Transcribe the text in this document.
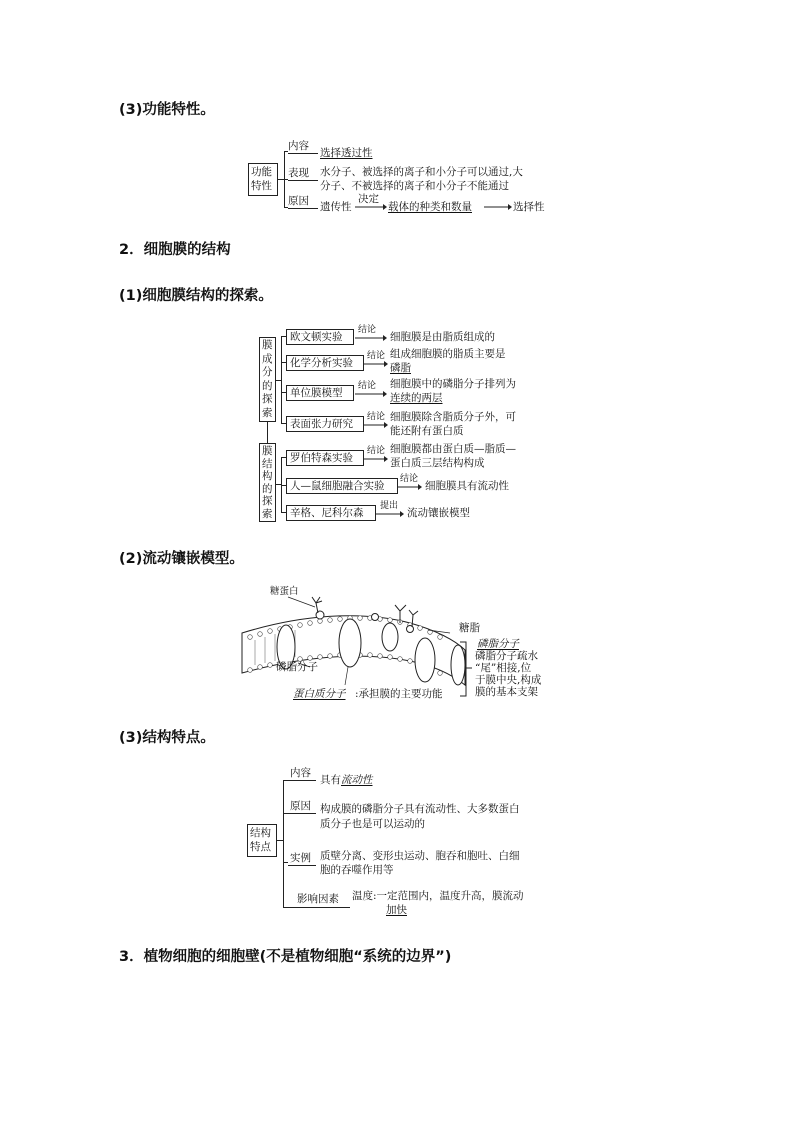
(3)功能特性。
功能
特性
内容
选择透过性
表现 水分子、被选择的离子和小分子可以通过,大
分子、不被选择的离子和小分子不能通过
原因 遗传性
决定
载体的种类和数量	选择性
2．细胞膜的结构
(1)细胞膜结构的探索。
膜
成
分
的
探
索
膜
结
构
的
探
索
欧文顿实验
结论
细胞膜是由脂质组成的
化学分析实验
结论 组成细胞膜的脂质主要是
磷脂
单位膜模型
结论 细胞膜中的磷脂分子排列为
连续的两层
表面张力研究
结论 细胞膜除含脂质分子外，可
能还附有蛋白质
罗伯特森实验
结论 细胞膜都由蛋白质—脂质—
蛋白质三层结构构成
人—鼠细胞融合实验
结论
细胞膜具有流动性
辛格、尼科尔森
提出
流动镶嵌模型
(2)流动镶嵌模型。
糖蛋白
糖脂
磷脂分子
蛋白质分子 :承担膜的主要功能
磷脂分子
磷脂分子疏水
“尾”相接,位
于膜中央,构成
膜的基本支架
(3)结构特点。
结构
特点
内容
具有流动性
原因 构成膜的磷脂分子具有流动性、大多数蛋白
质分子也是可以运动的
实例 质壁分离、变形虫运动、胞吞和胞吐、白细
胞的吞噬作用等
影响因素 温度:一定范围内，温度升高，膜流动
加快
3．植物细胞的细胞壁(不是植物细胞“系统的边界”)
